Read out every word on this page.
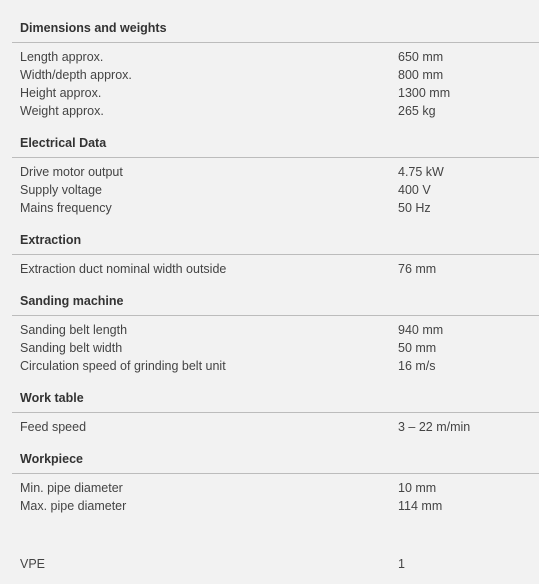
Dimensions and weights
Length approx.	650 mm
Width/depth approx.	800 mm
Height approx.	1300 mm
Weight approx.	265 kg
Electrical Data
Drive motor output	4.75 kW
Supply voltage	400 V
Mains frequency	50 Hz
Extraction
Extraction duct nominal width outside	76 mm
Sanding machine
Sanding belt length	940 mm
Sanding belt width	50 mm
Circulation speed of grinding belt unit	16 m/s
Work table
Feed speed	3 – 22 m/min
Workpiece
Min. pipe diameter	10 mm
Max. pipe diameter	114 mm
VPE	1
